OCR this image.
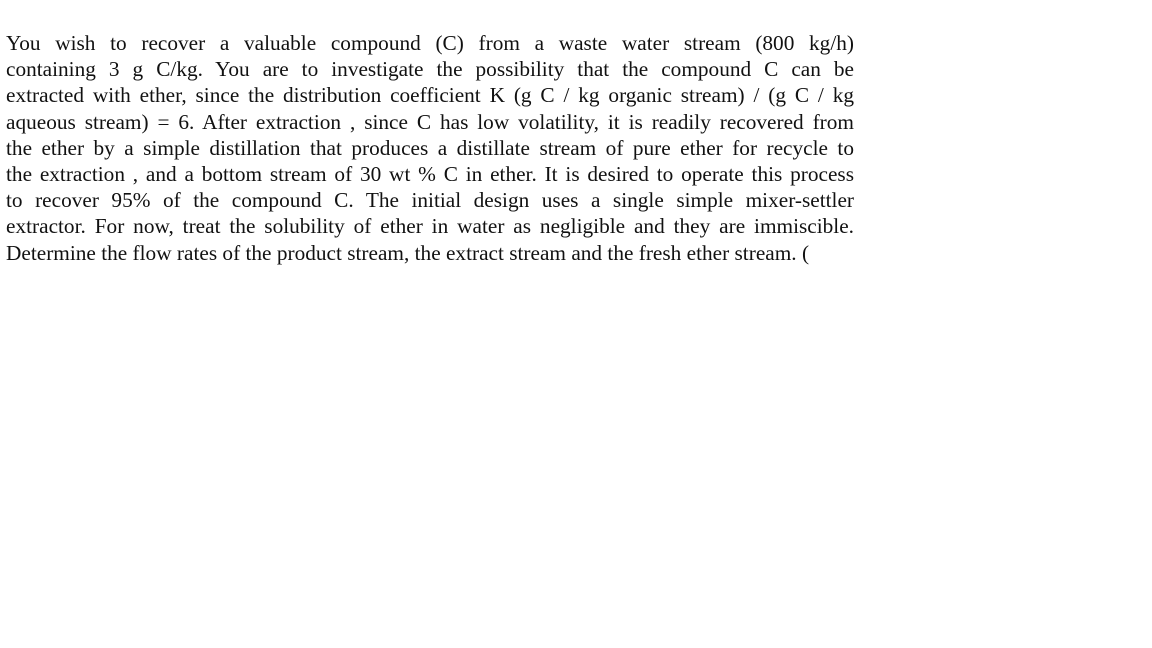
You wish to recover a valuable compound (C) from a waste water stream (800 kg/h)
containing 3 g C/kg. You are to investigate the possibility that the compound C can be
extracted with ether, since the distribution coefficient K (g C / kg organic stream) / (g C / kg
aqueous stream) = 6. After extraction , since C has low volatility, it is readily recovered from
the ether by a simple distillation that produces a distillate stream of pure ether for recycle to
the extraction , and a bottom stream of 30 wt % C in ether. It is desired to operate this process
to recover 95% of the compound C. The initial design uses a single simple mixer-settler
extractor. For now, treat the solubility of ether in water as negligible and they are immiscible.
Determine the flow rates of the product stream, the extract stream and the fresh ether stream. (
